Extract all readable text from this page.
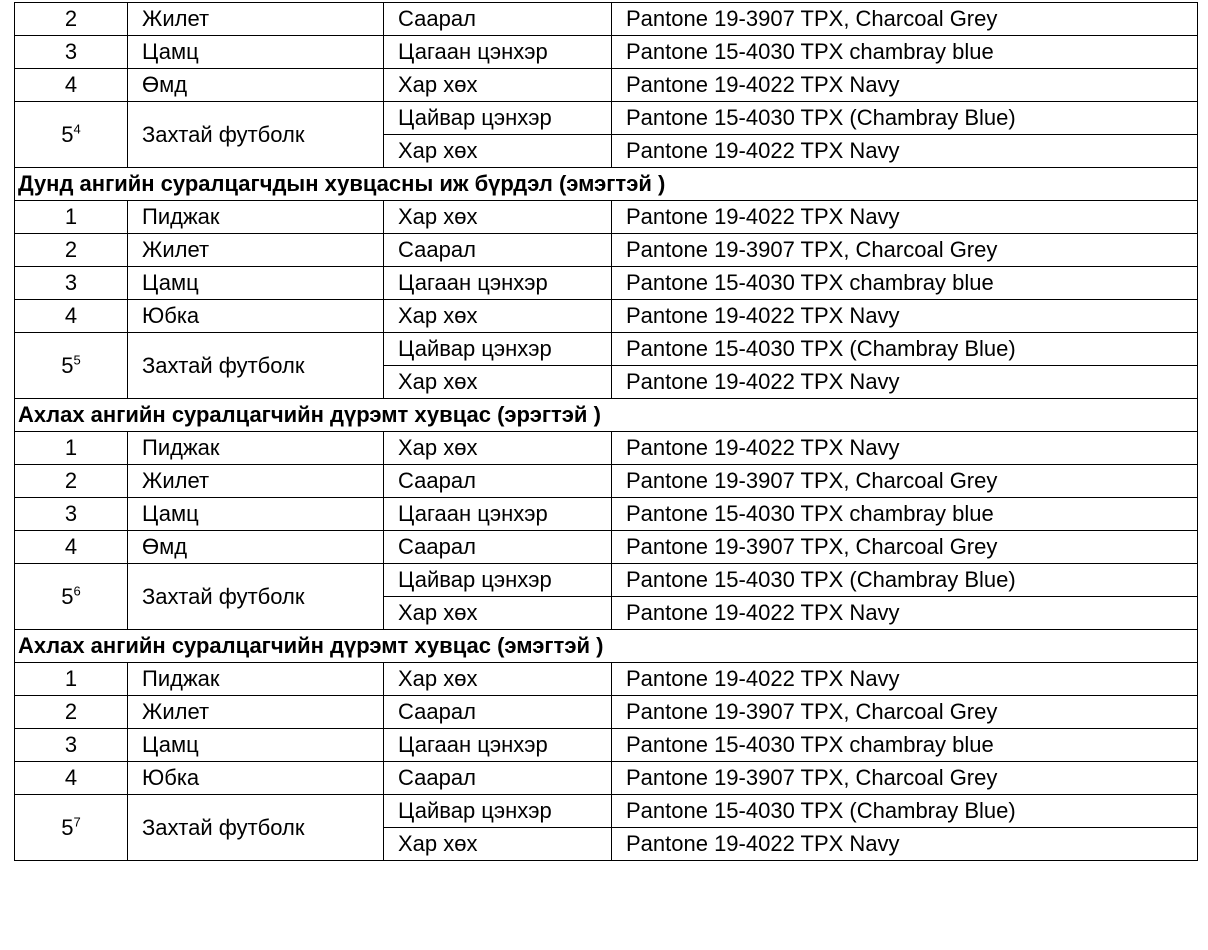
2	Жилет	Саарал	Pantone 19-3907 TPX, Charcoal Grey
3	Цамц	Цагаан цэнхэр	Pantone 15-4030 TPX chambray blue
4	Өмд	Хар хөх	Pantone 19-4022 TPX Navy
$5^4$	Захтай футболк	Цайвар цэнхэр	Pantone 15-4030 TPX (Chambray Blue)
		Хар хөх	Pantone 19-4022 TPX Navy
Дунд ангийн суралцагчдын хувцасны иж бүрдэл (эмэгтэй )			
1	Пиджак	Хар хөх	Pantone 19-4022 TPX Navy
2	Жилет	Саарал	Pantone 19-3907 TPX, Charcoal Grey
3	Цамц	Цагаан цэнхэр	Pantone 15-4030 TPX chambray blue
4	Юбка	Хар хөх	Pantone 19-4022 TPX Navy
$5^5$	Захтай футболк	Цайвар цэнхэр	Pantone 15-4030 TPX (Chambray Blue)
		Хар хөх	Pantone 19-4022 TPX Navy
Ахлах ангийн суралцагчийн дүрэмт хувцас (эрэгтэй )			
1	Пиджак	Хар хөх	Pantone 19-4022 TPX Navy
2	Жилет	Саарал	Pantone 19-3907 TPX, Charcoal Grey
3	Цамц	Цагаан цэнхэр	Pantone 15-4030 TPX chambray blue
4	Өмд	Саарал	Pantone 19-3907 TPX, Charcoal Grey
$5^6$	Захтай футболк	Цайвар цэнхэр	Pantone 15-4030 TPX (Chambray Blue)
		Хар хөх	Pantone 19-4022 TPX Navy
Ахлах ангийн суралцагчийн дүрэмт хувцас (эмэгтэй )			
1	Пиджак	Хар хөх	Pantone 19-4022 TPX Navy
2	Жилет	Саарал	Pantone 19-3907 TPX, Charcoal Grey
3	Цамц	Цагаан цэнхэр	Pantone 15-4030 TPX chambray blue
4	Юбка	Саарал	Pantone 19-3907 TPX, Charcoal Grey
$5^7$	Захтай футболк	Цайвар цэнхэр	Pantone 15-4030 TPX (Chambray Blue)
		Хар хөх	Pantone 19-4022 TPX Navy
